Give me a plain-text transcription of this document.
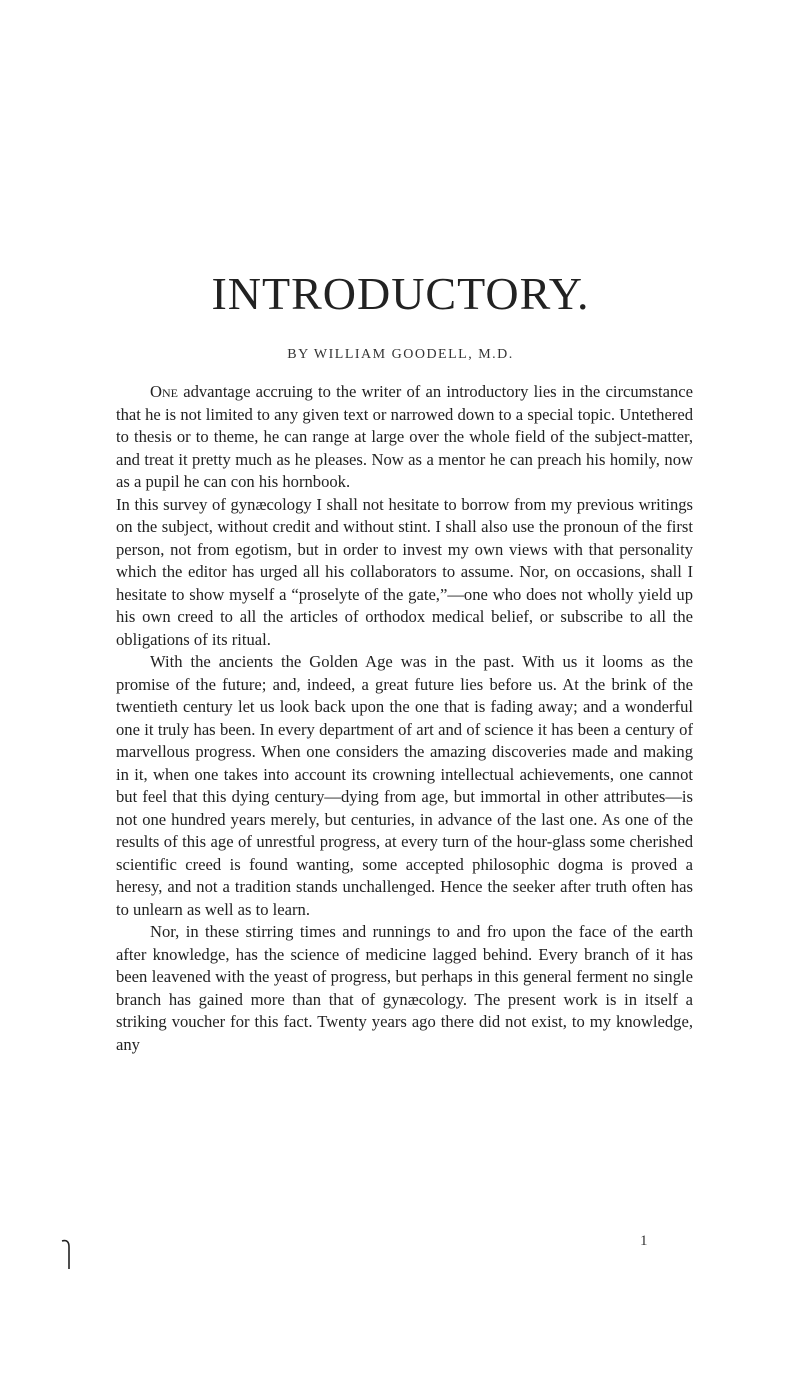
INTRODUCTORY.
BY WILLIAM GOODELL, M.D.

One advantage accruing to the writer of an introductory lies in the circumstance that he is not limited to any given text or narrowed down to a special topic. Untethered to thesis or to theme, he can range at large over the whole field of the subject-matter, and treat it pretty much as he pleases. Now as a mentor he can preach his homily, now as a pupil he can con his hornbook.

In this survey of gynæcology I shall not hesitate to borrow from my previous writings on the subject, without credit and without stint. I shall also use the pronoun of the first person, not from egotism, but in order to invest my own views with that personality which the editor has urged all his collaborators to assume. Nor, on occasions, shall I hesitate to show myself a “proselyte of the gate,”—one who does not wholly yield up his own creed to all the articles of orthodox medical belief, or subscribe to all the obligations of its ritual.

With the ancients the Golden Age was in the past. With us it looms as the promise of the future; and, indeed, a great future lies before us. At the brink of the twentieth century let us look back upon the one that is fading away; and a wonderful one it truly has been. In every department of art and of science it has been a century of marvellous progress. When one considers the amazing discoveries made and making in it, when one takes into account its crowning intellectual achievements, one cannot but feel that this dying century—dying from age, but immortal in other attributes—is not one hundred years merely, but centuries, in advance of the last one. As one of the results of this age of unrestful progress, at every turn of the hour-glass some cherished scientific creed is found wanting, some accepted philosophic dogma is proved a heresy, and not a tradition stands unchallenged. Hence the seeker after truth often has to unlearn as well as to learn.

Nor, in these stirring times and runnings to and fro upon the face of the earth after knowledge, has the science of medicine lagged behind. Every branch of it has been leavened with the yeast of progress, but perhaps in this general ferment no single branch has gained more than that of gynæcology. The present work is in itself a striking voucher for this fact. Twenty years ago there did not exist, to my knowledge, any

1
